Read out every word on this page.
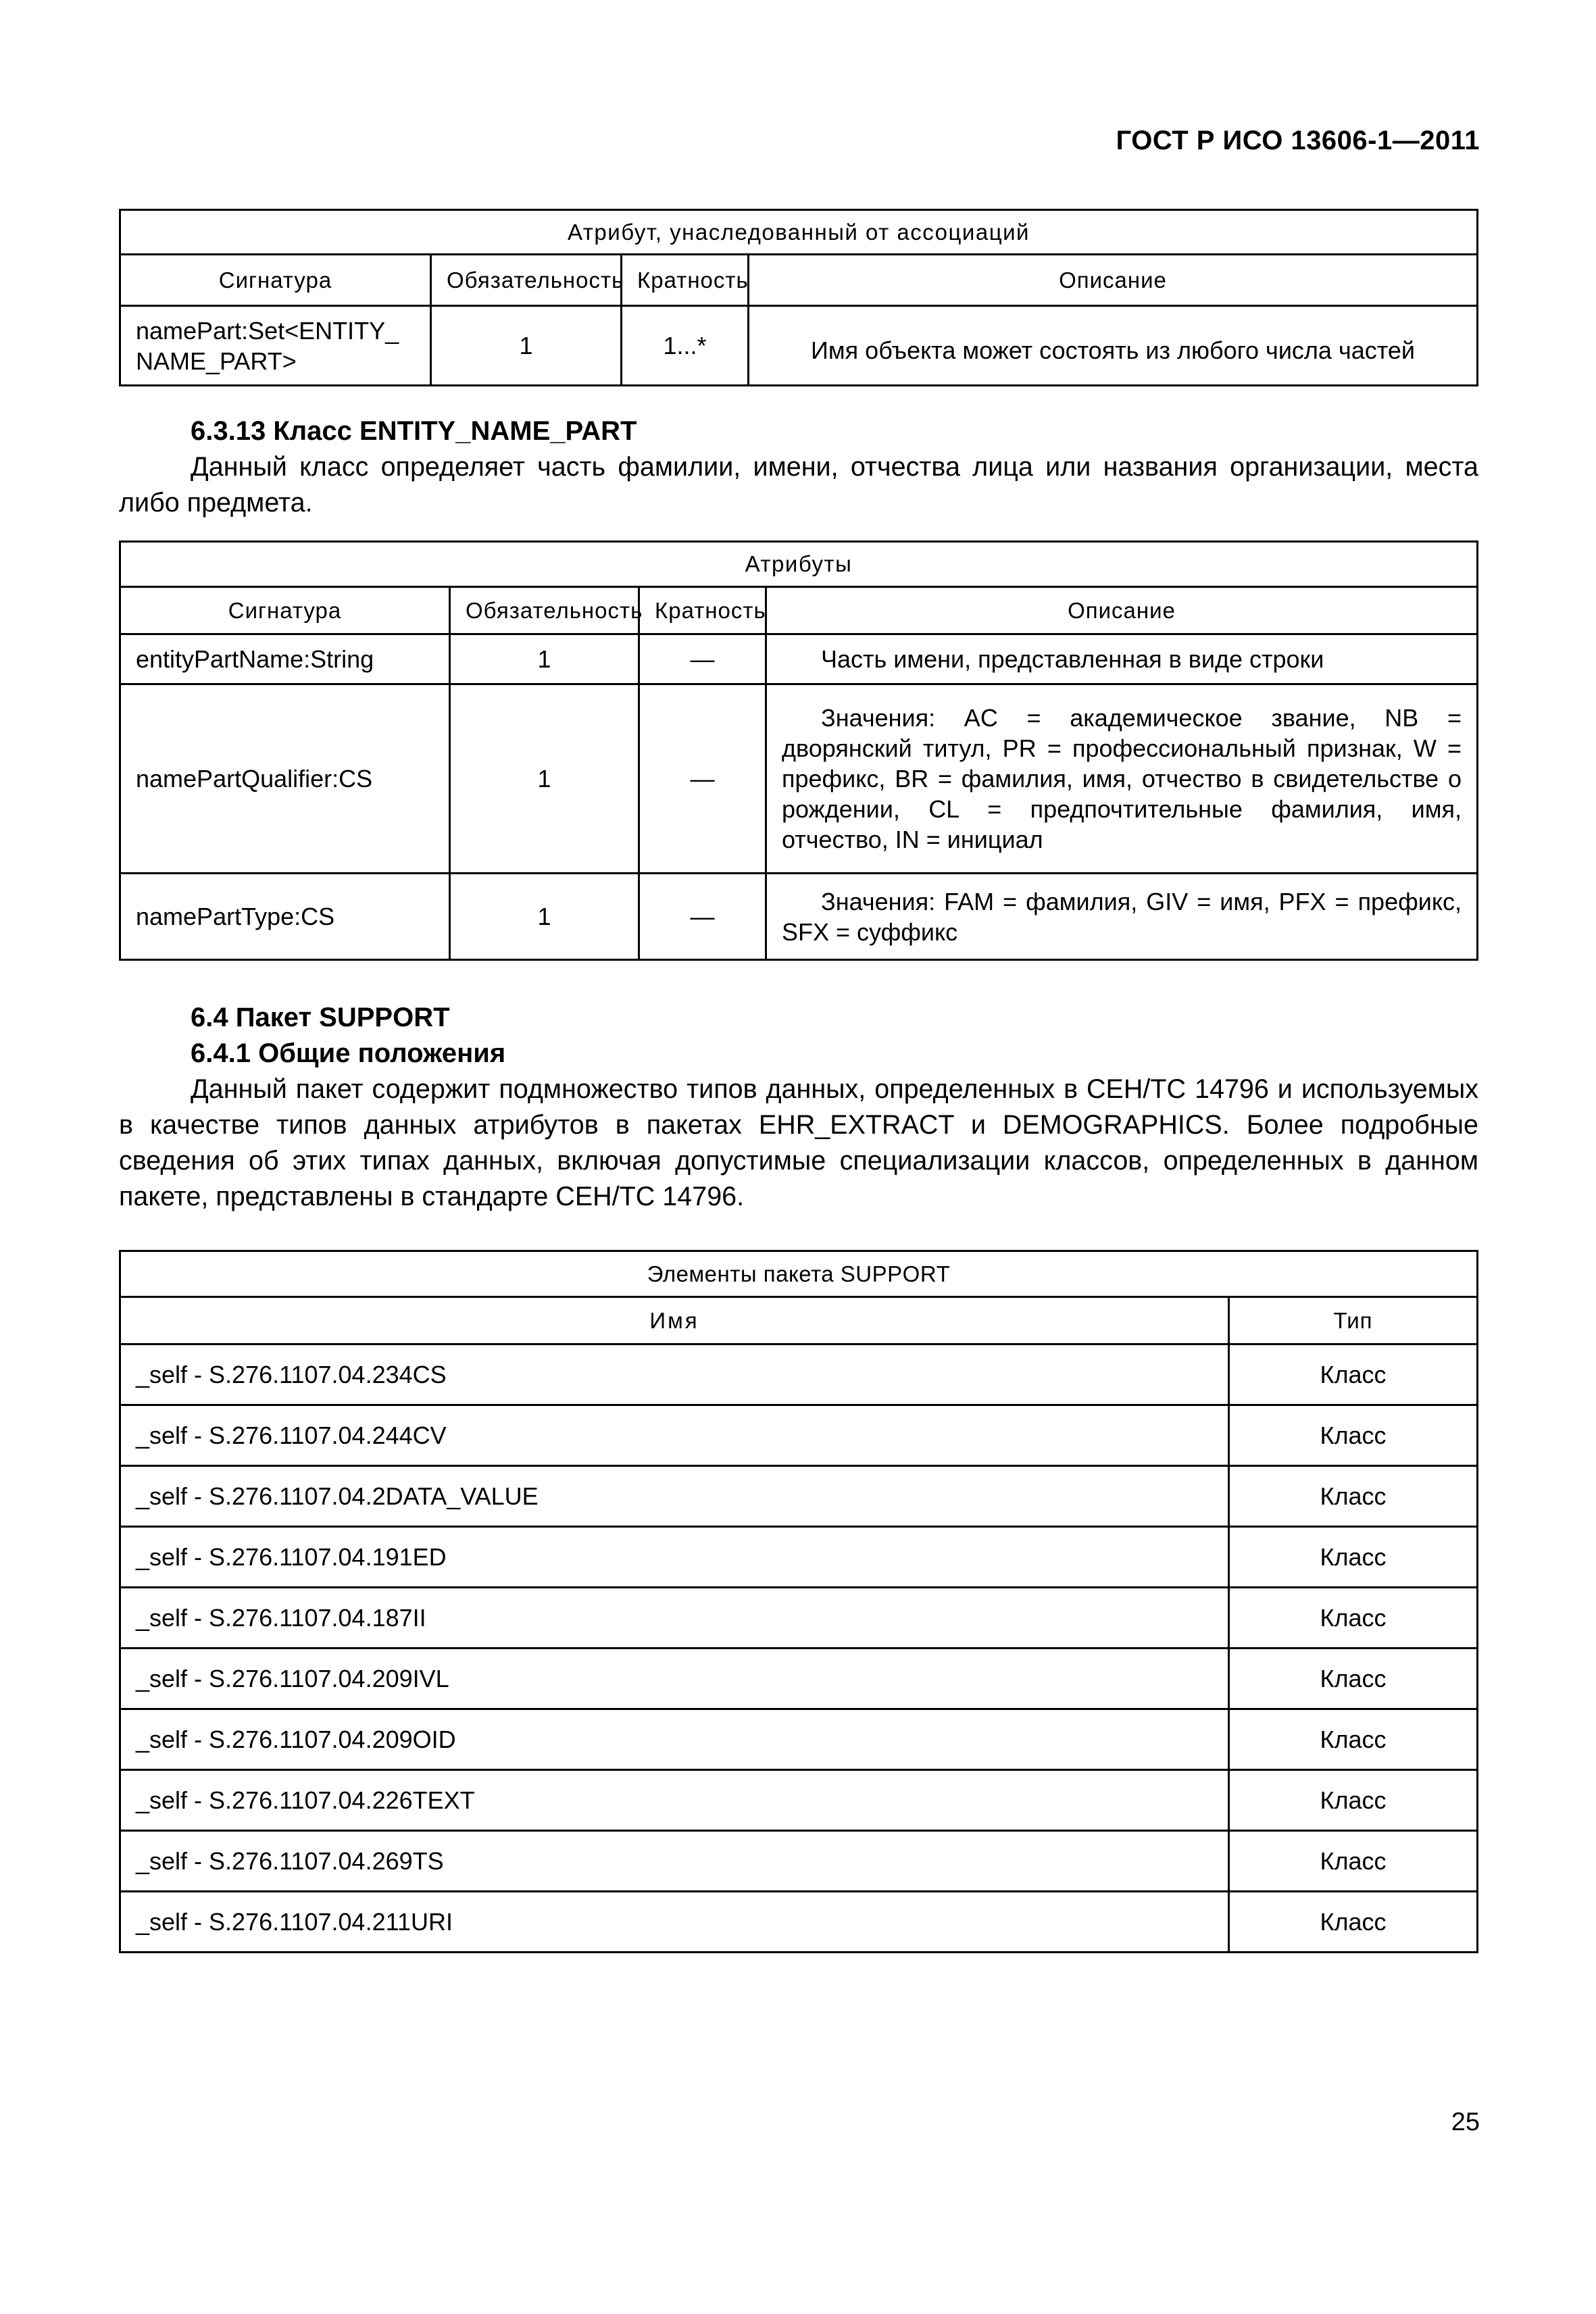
ГОСТ Р ИСО 13606-1—2011
Атрибут, унаследованный от ассоциаций			
Сигнатура	Обязательность	Кратность	Описание
namePart:Set<ENTITY_ NAME_PART>	1	1...*	Имя объекта может состоять из любого числа частей
6.3.13 Класс ENTITY_NAME_PART

Данный класс определяет часть фамилии, имени, отчества лица или названия организации, места либо предмета.

Атрибуты			
Сигнатура	Обязательность	Кратность	Описание
entityPartName:String	1	—	Часть имени, представленная в виде строки
namePartQualifier:CS	1	—	Значения: AC = академическое звание, NB = дворянский титул, PR = профессиональный признак, W = префикс, BR = фамилия, имя, отчество в свидетельстве о рождении, CL = предпочтительные фамилия, имя, отчество, IN = инициал

namePartType:CS	1	—	Значения: FAM = фамилия, GIV = имя, PFX = префикс, SFX = суффикс

6.4 Пакет SUPPORT
6.4.1 Общие положения

Данный пакет содержит подмножество типов данных, определенных в CEH/TC 14796 и используемых в качестве типов данных атрибутов в пакетах EHR_EXTRACT и DEMOGRAPHICS. Более подробные сведения об этих типах данных, включая допустимые специализации классов, определенных в данном пакете, представлены в стандарте CEH/TC 14796.

Элементы пакета SUPPORT	
Имя	Тип
_self - S.276.1107.04.234CS	Класс
_self - S.276.1107.04.244CV	Класс
_self - S.276.1107.04.2DATA_VALUE	Класс
_self - S.276.1107.04.191ED	Класс
_self - S.276.1107.04.187II	Класс
_self - S.276.1107.04.209IVL	Класс
_self - S.276.1107.04.209OID	Класс
_self - S.276.1107.04.226TEXT	Класс
_self - S.276.1107.04.269TS	Класс
_self - S.276.1107.04.211URI	Класс
25
